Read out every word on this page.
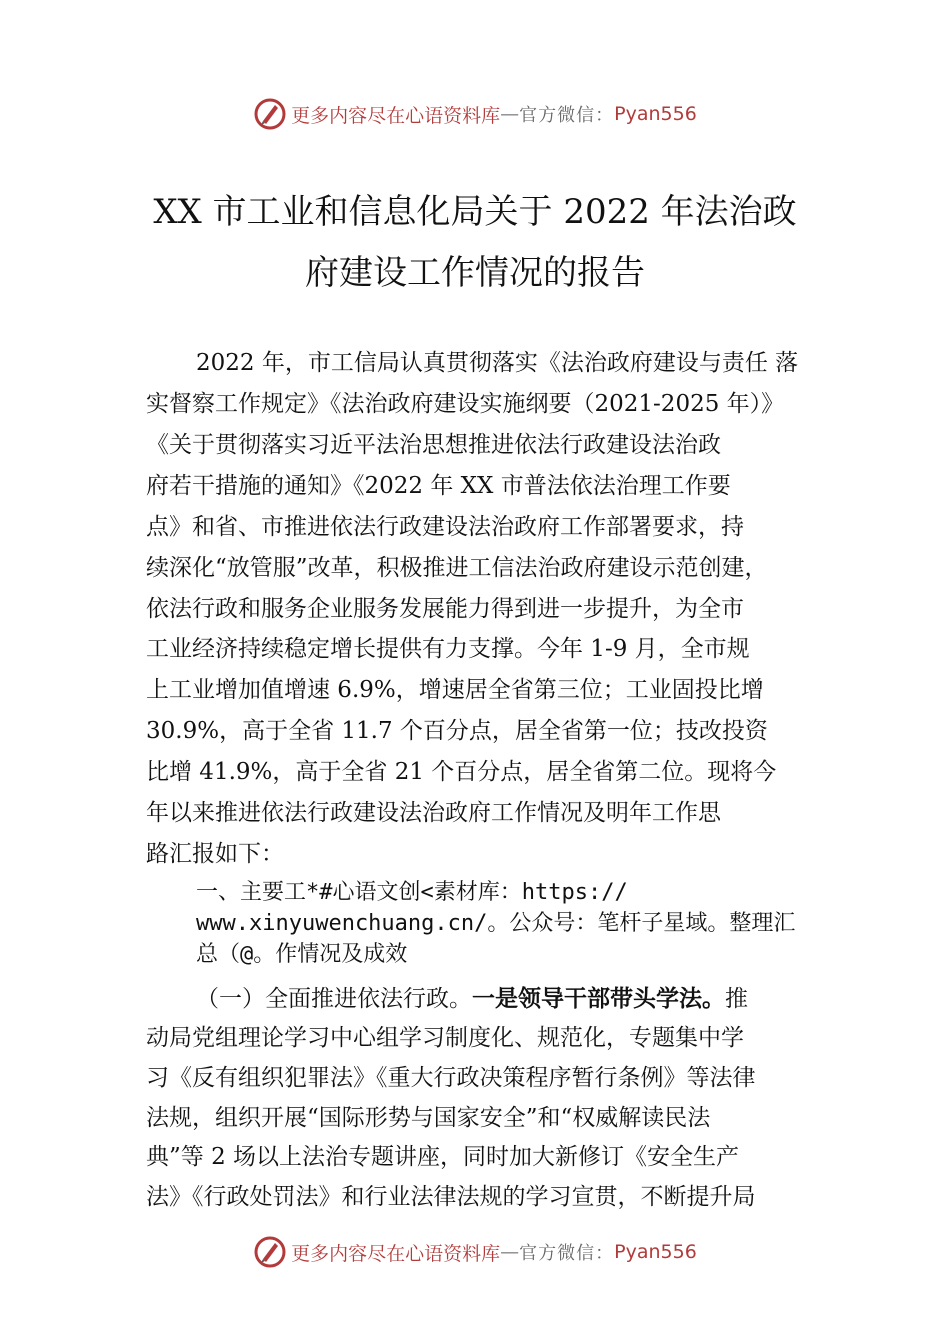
更多内容尽在心语资料库 — 官方微信： Pyan556
XX 市工业和信息化局关于 2022 年法治政
府建设工作情况的报告
2022 年，市工信局认真贯彻落实《法治政府建设与责任 落
实督察工作规定》《法治政府建设实施纲要（2021-2025 年）》
《关于贯彻落实习近平法治思想推进依法行政建设法治政
府若干措施的通知》《2022 年 XX 市普法依法治理工作要
点》和省、市推进依法行政建设法治政府工作部署要求，持
续深化“放管服”改革，积极推进工信法治政府建设示范创建，
依法行政和服务企业服务发展能力得到进一步提升，为全市
工业经济持续稳定增长提供有力支撑。今年 1-9 月，全市规
上工业增加值增速 6.9%，增速居全省第三位；工业固投比增
30.9%，高于全省 11.7 个百分点，居全省第一位；技改投资
比增 41.9%，高于全省 21 个百分点，居全省第二位。现将今
年以来推进依法行政建设法治政府工作情况及明年工作思
路汇报如下：
一、主要工*#心语文创<素材库：https://
www.xinyuwenchuang.cn/。公众号：笔杆子星域。整理汇
总（@。作情况及成效
（一）全面推进依法行政。一是领导干部带头学法。推
动局党组理论学习中心组学习制度化、规范化，专题集中学
习《反有组织犯罪法》《重大行政决策程序暂行条例》等法律
法规，组织开展“国际形势与国家安全”和“权威解读民法
典”等 2 场以上法治专题讲座，同时加大新修订《安全生产
法》《行政处罚法》和行业法律法规的学习宣贯，不断提升局
更多内容尽在心语资料库 — 官方微信： Pyan556
